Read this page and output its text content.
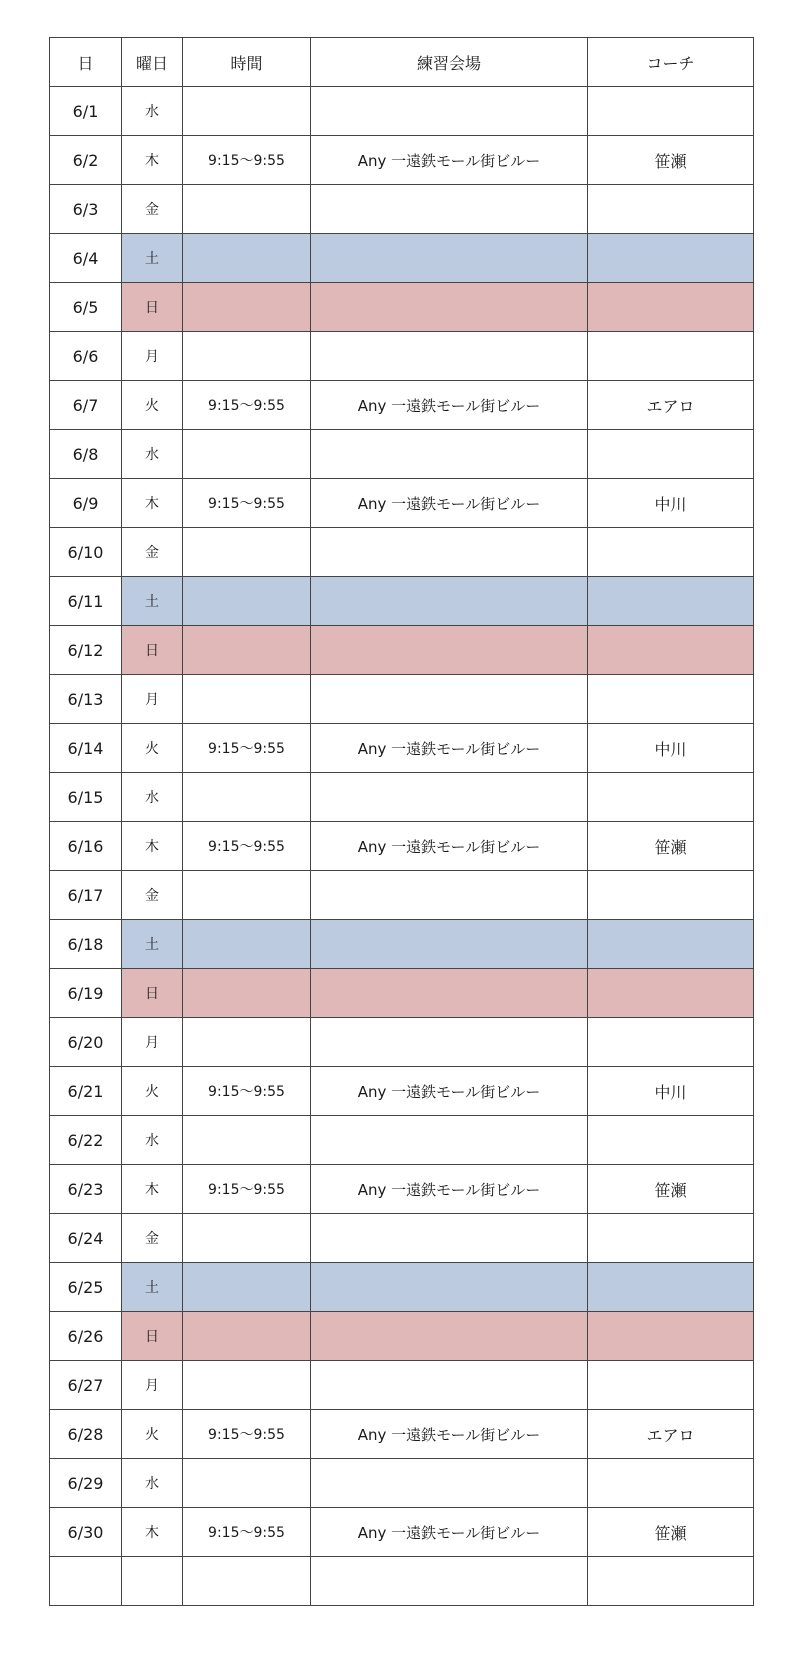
日	曜日	時間	練習会場	コーチ
6/1	水			
6/2	木	9:15〜9:55	Any 一遠鉄モール街ビルー	笹瀬
6/3	金			
6/4	土			
6/5	日			
6/6	月			
6/7	火	9:15〜9:55	Any 一遠鉄モール街ビルー	エアロ
6/8	水			
6/9	木	9:15〜9:55	Any 一遠鉄モール街ビルー	中川
6/10	金			
6/11	土			
6/12	日			
6/13	月			
6/14	火	9:15〜9:55	Any 一遠鉄モール街ビルー	中川
6/15	水			
6/16	木	9:15〜9:55	Any 一遠鉄モール街ビルー	笹瀬
6/17	金			
6/18	土			
6/19	日			
6/20	月			
6/21	火	9:15〜9:55	Any 一遠鉄モール街ビルー	中川
6/22	水			
6/23	木	9:15〜9:55	Any 一遠鉄モール街ビルー	笹瀬
6/24	金			
6/25	土			
6/26	日			
6/27	月			
6/28	火	9:15〜9:55	Any 一遠鉄モール街ビルー	エアロ
6/29	水			
6/30	木	9:15〜9:55	Any 一遠鉄モール街ビルー	笹瀬
